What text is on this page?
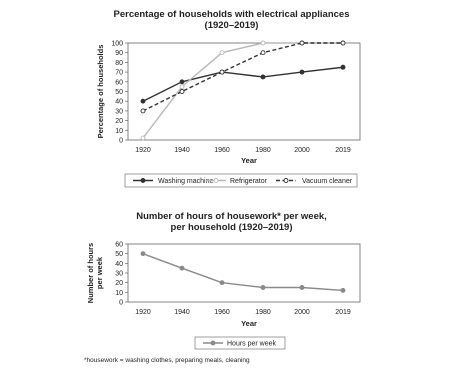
Percentage of households with electrical appliances
(1920–2019)
Number of hours of housework* per week,
per household (1920–2019)
0
10
20
30
40
50
60
70
80
90
100
1920	1940	1960	1980	2000	2019
Year
Percentage of households
Washing machine Refrigerator	Vacuum cleaner
0
10
20
30
40
50
60
1920	1940	1960	1980	2000	2019
Year
Number of hours per week
Hours per week
*housework = washing clothes, preparing meals, cleaning
